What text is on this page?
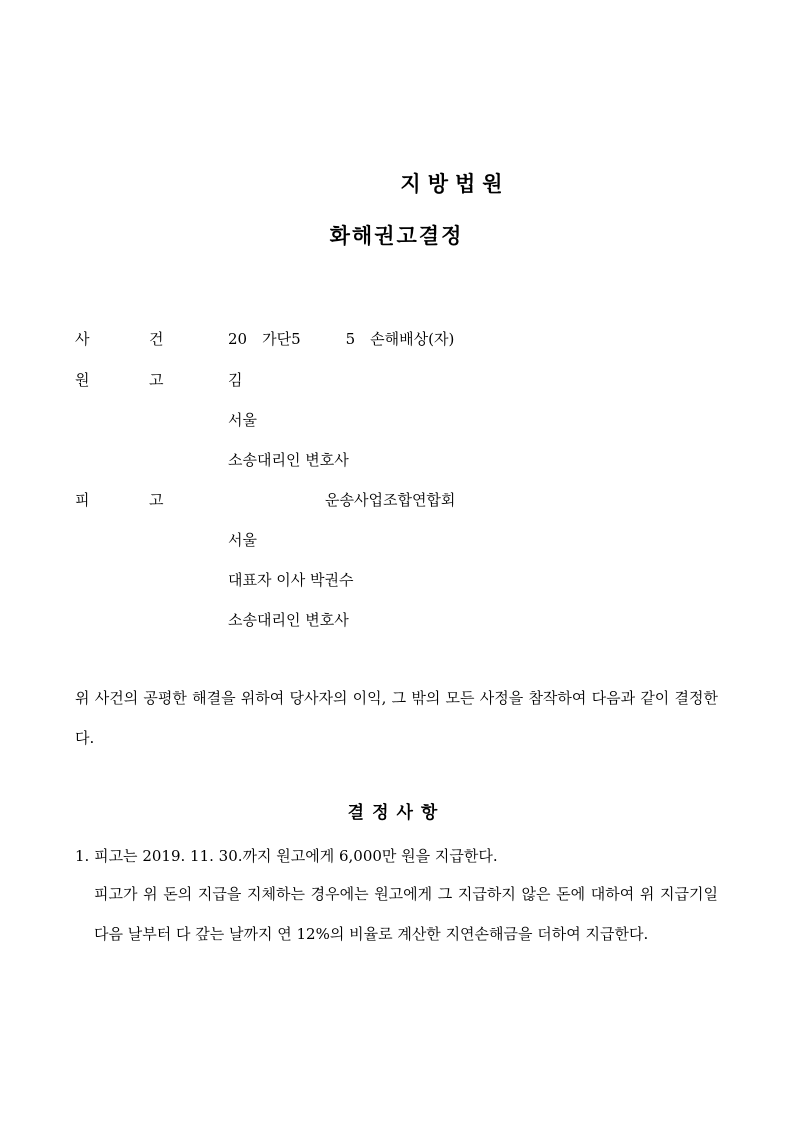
지방법원
화해권고결정
사	건	20　가단5　　　5　손해배상(자)
원	고	김
서울
소송대리인 변호사
피	고	운송사업조합연합회
서울
대표자 이사 박권수
소송대리인 변호사
위 사건의 공평한 해결을 위하여 당사자의 이익, 그 밖의 모든 사정을 참작하여 다음과 같이 결정한다.
결정사항
1. 피고는 2019. 11. 30.까지 원고에게 6,000만 원을 지급한다.
피고가 위 돈의 지급을 지체하는 경우에는 원고에게 그 지급하지 않은 돈에 대하여 위 지급기일 다음 날부터 다 갚는 날까지 연 12%의 비율로 계산한 지연손해금을 더하여 지급한다.
